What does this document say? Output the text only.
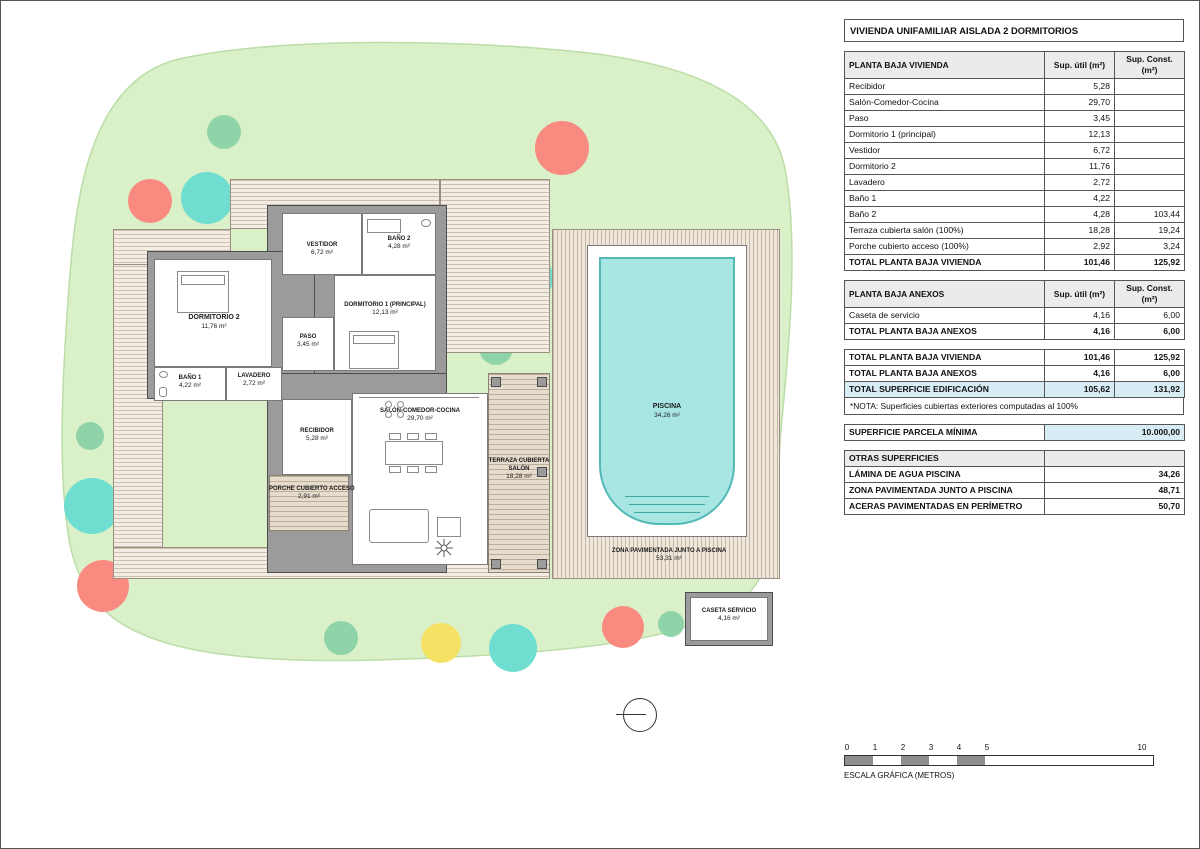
ZONA PAVIMENTADA JUNTO A PISCINA
53,31 m²
PISCINA
34,26 m²
CASETA SERVICIO
4,16 m²
DORMITORIO 2
11,76 m²
BAÑO 1
4,22 m²
LAVADERO
2,72 m²
PASO
3,45 m²
VESTIDOR
6,72 m²
BAÑO 2
4,28 m²
DORMITORIO 1 (PRINCIPAL)
12,13 m²
RECIBIDOR
5,28 m²
SALÓN-COMEDOR-COCINA
29,70 m²
PORCHE CUBIERTO ACCESO
2,91 m²
TERRAZA CUBIERTA SALÓN
18,28 m²
VIVIENDA UNIFAMILIAR AISLADA 2 DORMITORIOS
PLANTA BAJA VIVIENDA	Sup. útil (m²)	Sup. Const. (m²)
Recibidor	5,28	
Salón-Comedor-Cocina	29,70	
Paso	3,45	
Dormitorio 1 (principal)	12,13	
Vestidor	6,72	
Dormitorio 2	11,76	
Lavadero	2,72	
Baño 1	4,22	
Baño 2	4,28	103,44
Terraza cubierta salón (100%)	18,28	19,24
Porche cubierto acceso (100%)	2,92	3,24
TOTAL PLANTA BAJA VIVIENDA	101,46	125,92
PLANTA BAJA ANEXOS	Sup. útil (m²)	Sup. Const. (m²)
Caseta de servicio	4,16	6,00
TOTAL PLANTA BAJA ANEXOS	4,16	6,00
TOTAL PLANTA BAJA VIVIENDA	101,46	125,92
TOTAL PLANTA BAJA ANEXOS	4,16	6,00
TOTAL SUPERFICIE EDIFICACIÓN	105,62	131,92
*NOTA: Superficies cubiertas exteriores computadas al 100%
SUPERFICIE PARCELA MÍNIMA	10.000,00
OTRAS SUPERFICIES	
LÁMINA DE AGUA PISCINA	34,26
ZONA PAVIMENTADA JUNTO A PISCINA	48,71
ACERAS PAVIMENTADAS EN PERÍMETRO	50,70
0	1	2	3	4	5	10
ESCALA GRÁFICA (METROS)
